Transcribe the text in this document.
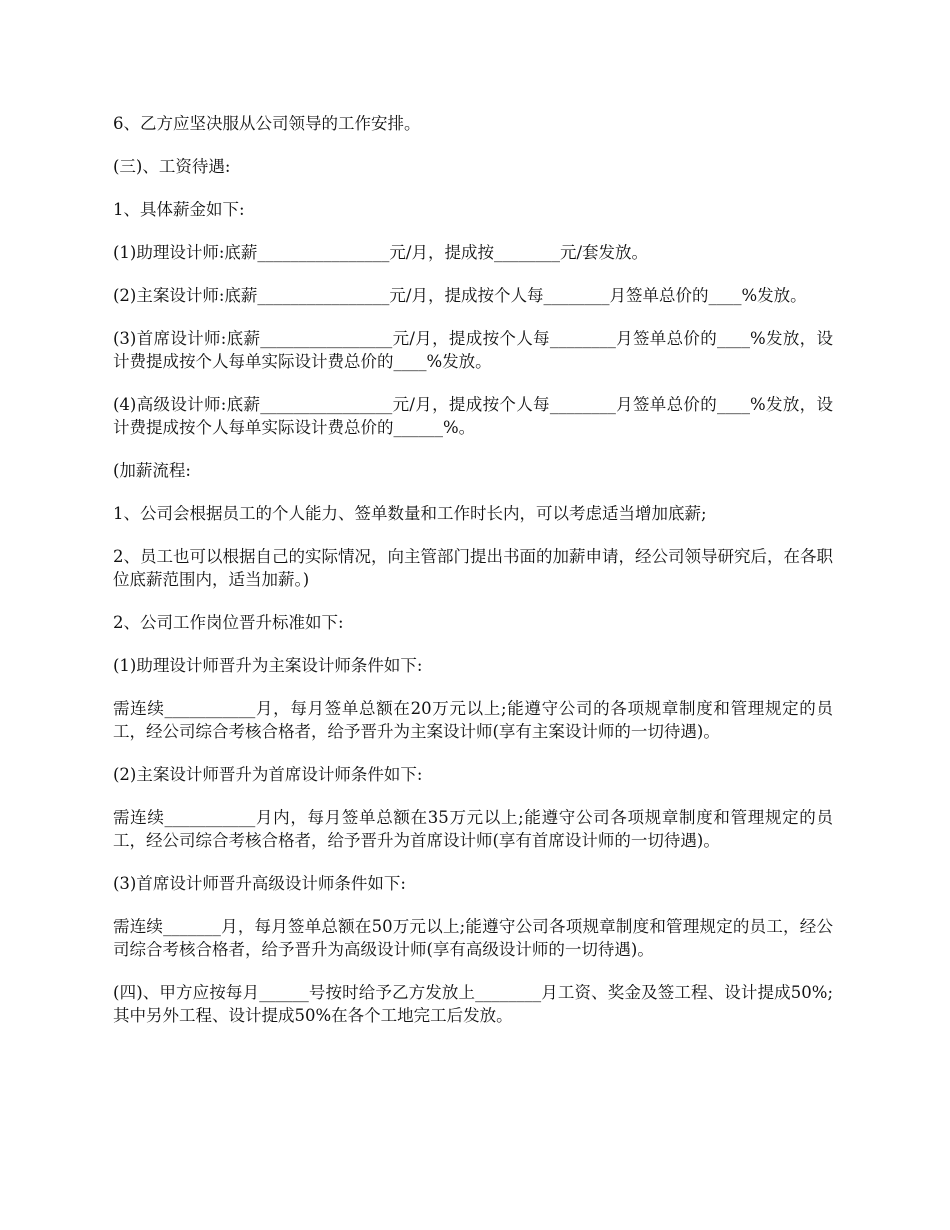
6、乙方应坚决服从公司领导的工作安排。

(三)、工资待遇:

1、具体薪金如下:

(1)助理设计师:底薪________________元/月，提成按________元/套发放。

(2)主案设计师:底薪________________元/月，提成按个人每________月签单总价的____%发放。

(3)首席设计师:底薪________________元/月，提成按个人每________月签单总价的____%发放，设计费提成按个人每单实际设计费总价的____%发放。

(4)高级设计师:底薪________________元/月，提成按个人每________月签单总价的____%发放，设计费提成按个人每单实际设计费总价的______%。

(加薪流程:

1、公司会根据员工的个人能力、签单数量和工作时长内，可以考虑适当增加底薪;

2、员工也可以根据自己的实际情况，向主管部门提出书面的加薪申请，经公司领导研究后，在各职位底薪范围内，适当加薪。)

2、公司工作岗位晋升标准如下:

(1)助理设计师晋升为主案设计师条件如下:

需连续___________月，每月签单总额在20万元以上;能遵守公司的各项规章制度和管理规定的员工，经公司综合考核合格者，给予晋升为主案设计师(享有主案设计师的一切待遇)。

(2)主案设计师晋升为首席设计师条件如下:

需连续___________月内，每月签单总额在35万元以上;能遵守公司各项规章制度和管理规定的员工，经公司综合考核合格者，给予晋升为首席设计师(享有首席设计师的一切待遇)。

(3)首席设计师晋升高级设计师条件如下:

需连续_______月，每月签单总额在50万元以上;能遵守公司各项规章制度和管理规定的员工，经公司综合考核合格者，给予晋升为高级设计师(享有高级设计师的一切待遇)。

(四)、甲方应按每月______号按时给予乙方发放上________月工资、奖金及签工程、设计提成50%;其中另外工程、设计提成50%在各个工地完工后发放。
